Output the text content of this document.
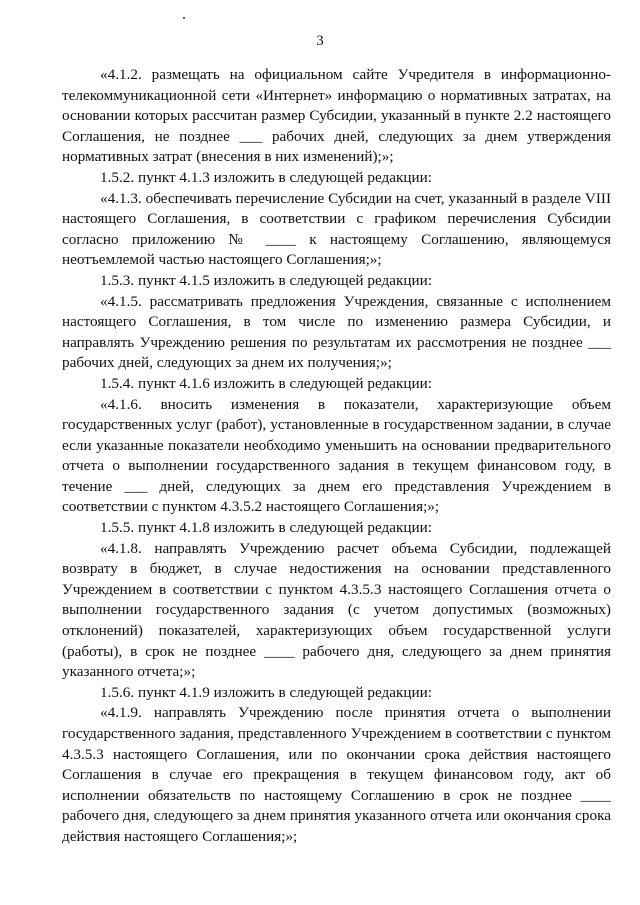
3

«4.1.2. размещать на официальном сайте Учредителя в информационно-телекоммуникационной сети «Интернет» информацию о нормативных затратах, на основании которых рассчитан размер Субсидии, указанный в пункте 2.2 настоящего Соглашения, не позднее ___ рабочих дней, следующих за днем утверждения нормативных затрат (внесения в них изменений);»;

1.5.2. пункт 4.1.3 изложить в следующей редакции:

«4.1.3. обеспечивать перечисление Субсидии на счет, указанный в разделе VIII настоящего Соглашения, в соответствии с графиком перечисления Субсидии согласно приложению № ____ к настоящему Соглашению, являющемуся неотъемлемой частью настоящего Соглашения;»;

1.5.3. пункт 4.1.5 изложить в следующей редакции:

«4.1.5. рассматривать предложения Учреждения, связанные с исполнением настоящего Соглашения, в том числе по изменению размера Субсидии, и направлять Учреждению решения по результатам их рассмотрения не позднее ___ рабочих дней, следующих за днем их получения;»;

1.5.4. пункт 4.1.6 изложить в следующей редакции:

«4.1.6. вносить изменения в показатели, характеризующие объем государственных услуг (работ), установленные в государственном задании, в случае если указанные показатели необходимо уменьшить на основании предварительного отчета о выполнении государственного задания в текущем финансовом году, в течение ___ дней, следующих за днем его представления Учреждением в соответствии с пунктом 4.3.5.2 настоящего Соглашения;»;

1.5.5. пункт 4.1.8 изложить в следующей редакции:

«4.1.8. направлять Учреждению расчет объема Субсидии, подлежащей возврату в бюджет, в случае недостижения на основании представленного Учреждением в соответствии с пунктом 4.3.5.3 настоящего Соглашения отчета о выполнении государственного задания (с учетом допустимых (возможных) отклонений) показателей, характеризующих объем государственной услуги (работы), в срок не позднее ____ рабочего дня, следующего за днем принятия указанного отчета;»;

1.5.6. пункт 4.1.9 изложить в следующей редакции:

«4.1.9. направлять Учреждению после принятия отчета о выполнении государственного задания, представленного Учреждением в соответствии с пунктом 4.3.5.3 настоящего Соглашения, или по окончании срока действия настоящего Соглашения в случае его прекращения в текущем финансовом году, акт об исполнении обязательств по настоящему Соглашению в срок не позднее ____ рабочего дня, следующего за днем принятия указанного отчета или окончания срока действия настоящего Соглашения;»;
